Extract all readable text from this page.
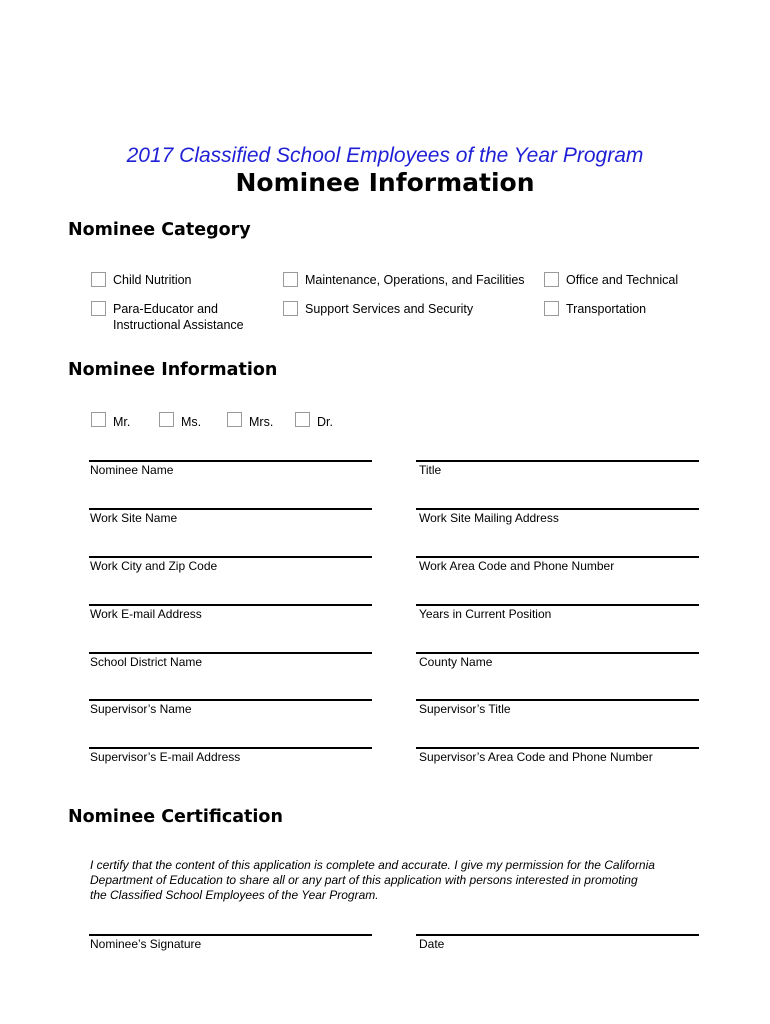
2017 Classified School Employees of the Year Program
Nominee Information
Nominee Category
Child Nutrition	Maintenance, Operations, and Facilities	Office and Technical
Para-Educator and
Instructional Assistance
Support Services and Security	Transportation
Nominee Information
Mr.	Ms.	Mrs.	Dr.
Nominee Name	Title
Work Site Name	Work Site Mailing Address
Work City and Zip Code	Work Area Code and Phone Number
Work E-mail Address	Years in Current Position
School District Name	County Name
Supervisor’s Name	Supervisor’s Title
Supervisor’s E-mail Address	Supervisor’s Area Code and Phone Number
Nominee Certification
I certify that the content of this application is complete and accurate. I give my permission for the California
Department of Education to share all or any part of this application with persons interested in promoting
the Classified School Employees of the Year Program.
Nominee’s Signature	Date
